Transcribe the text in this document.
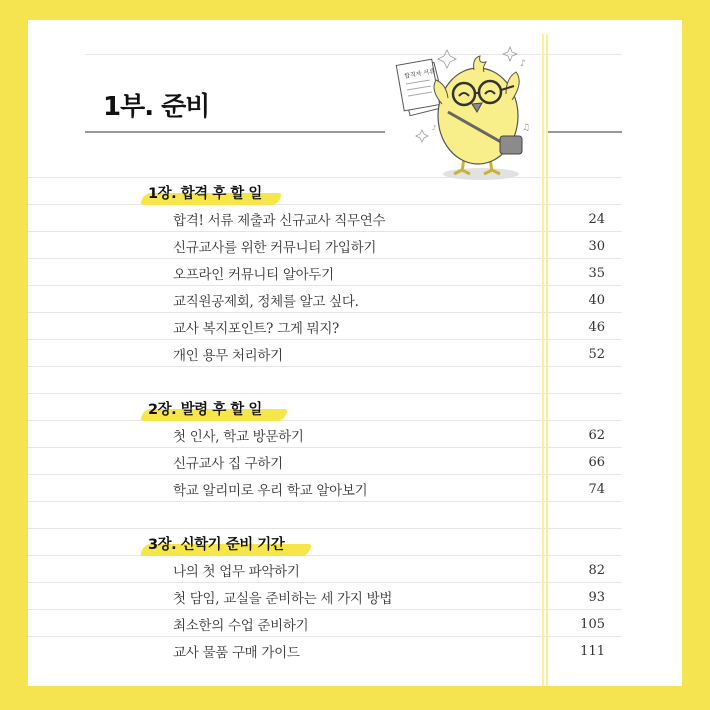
1부. 준비
합격자 서류
♪
♫
♪
1장. 합격 후 할 일
합격! 서류 제출과 신규교사 직무연수	24
신규교사를 위한 커뮤니티 가입하기	30
오프라인 커뮤니티 알아두기	35
교직원공제회, 정체를 알고 싶다.	40
교사 복지포인트? 그게 뭐지?	46
개인 용무 처리하기	52
2장. 발령 후 할 일
첫 인사, 학교 방문하기	62
신규교사 집 구하기	66
학교 알리미로 우리 학교 알아보기	74
3장. 신학기 준비 기간
나의 첫 업무 파악하기	82
첫 담임, 교실을 준비하는 세 가지 방법	93
최소한의 수업 준비하기	105
교사 물품 구매 가이드	111
